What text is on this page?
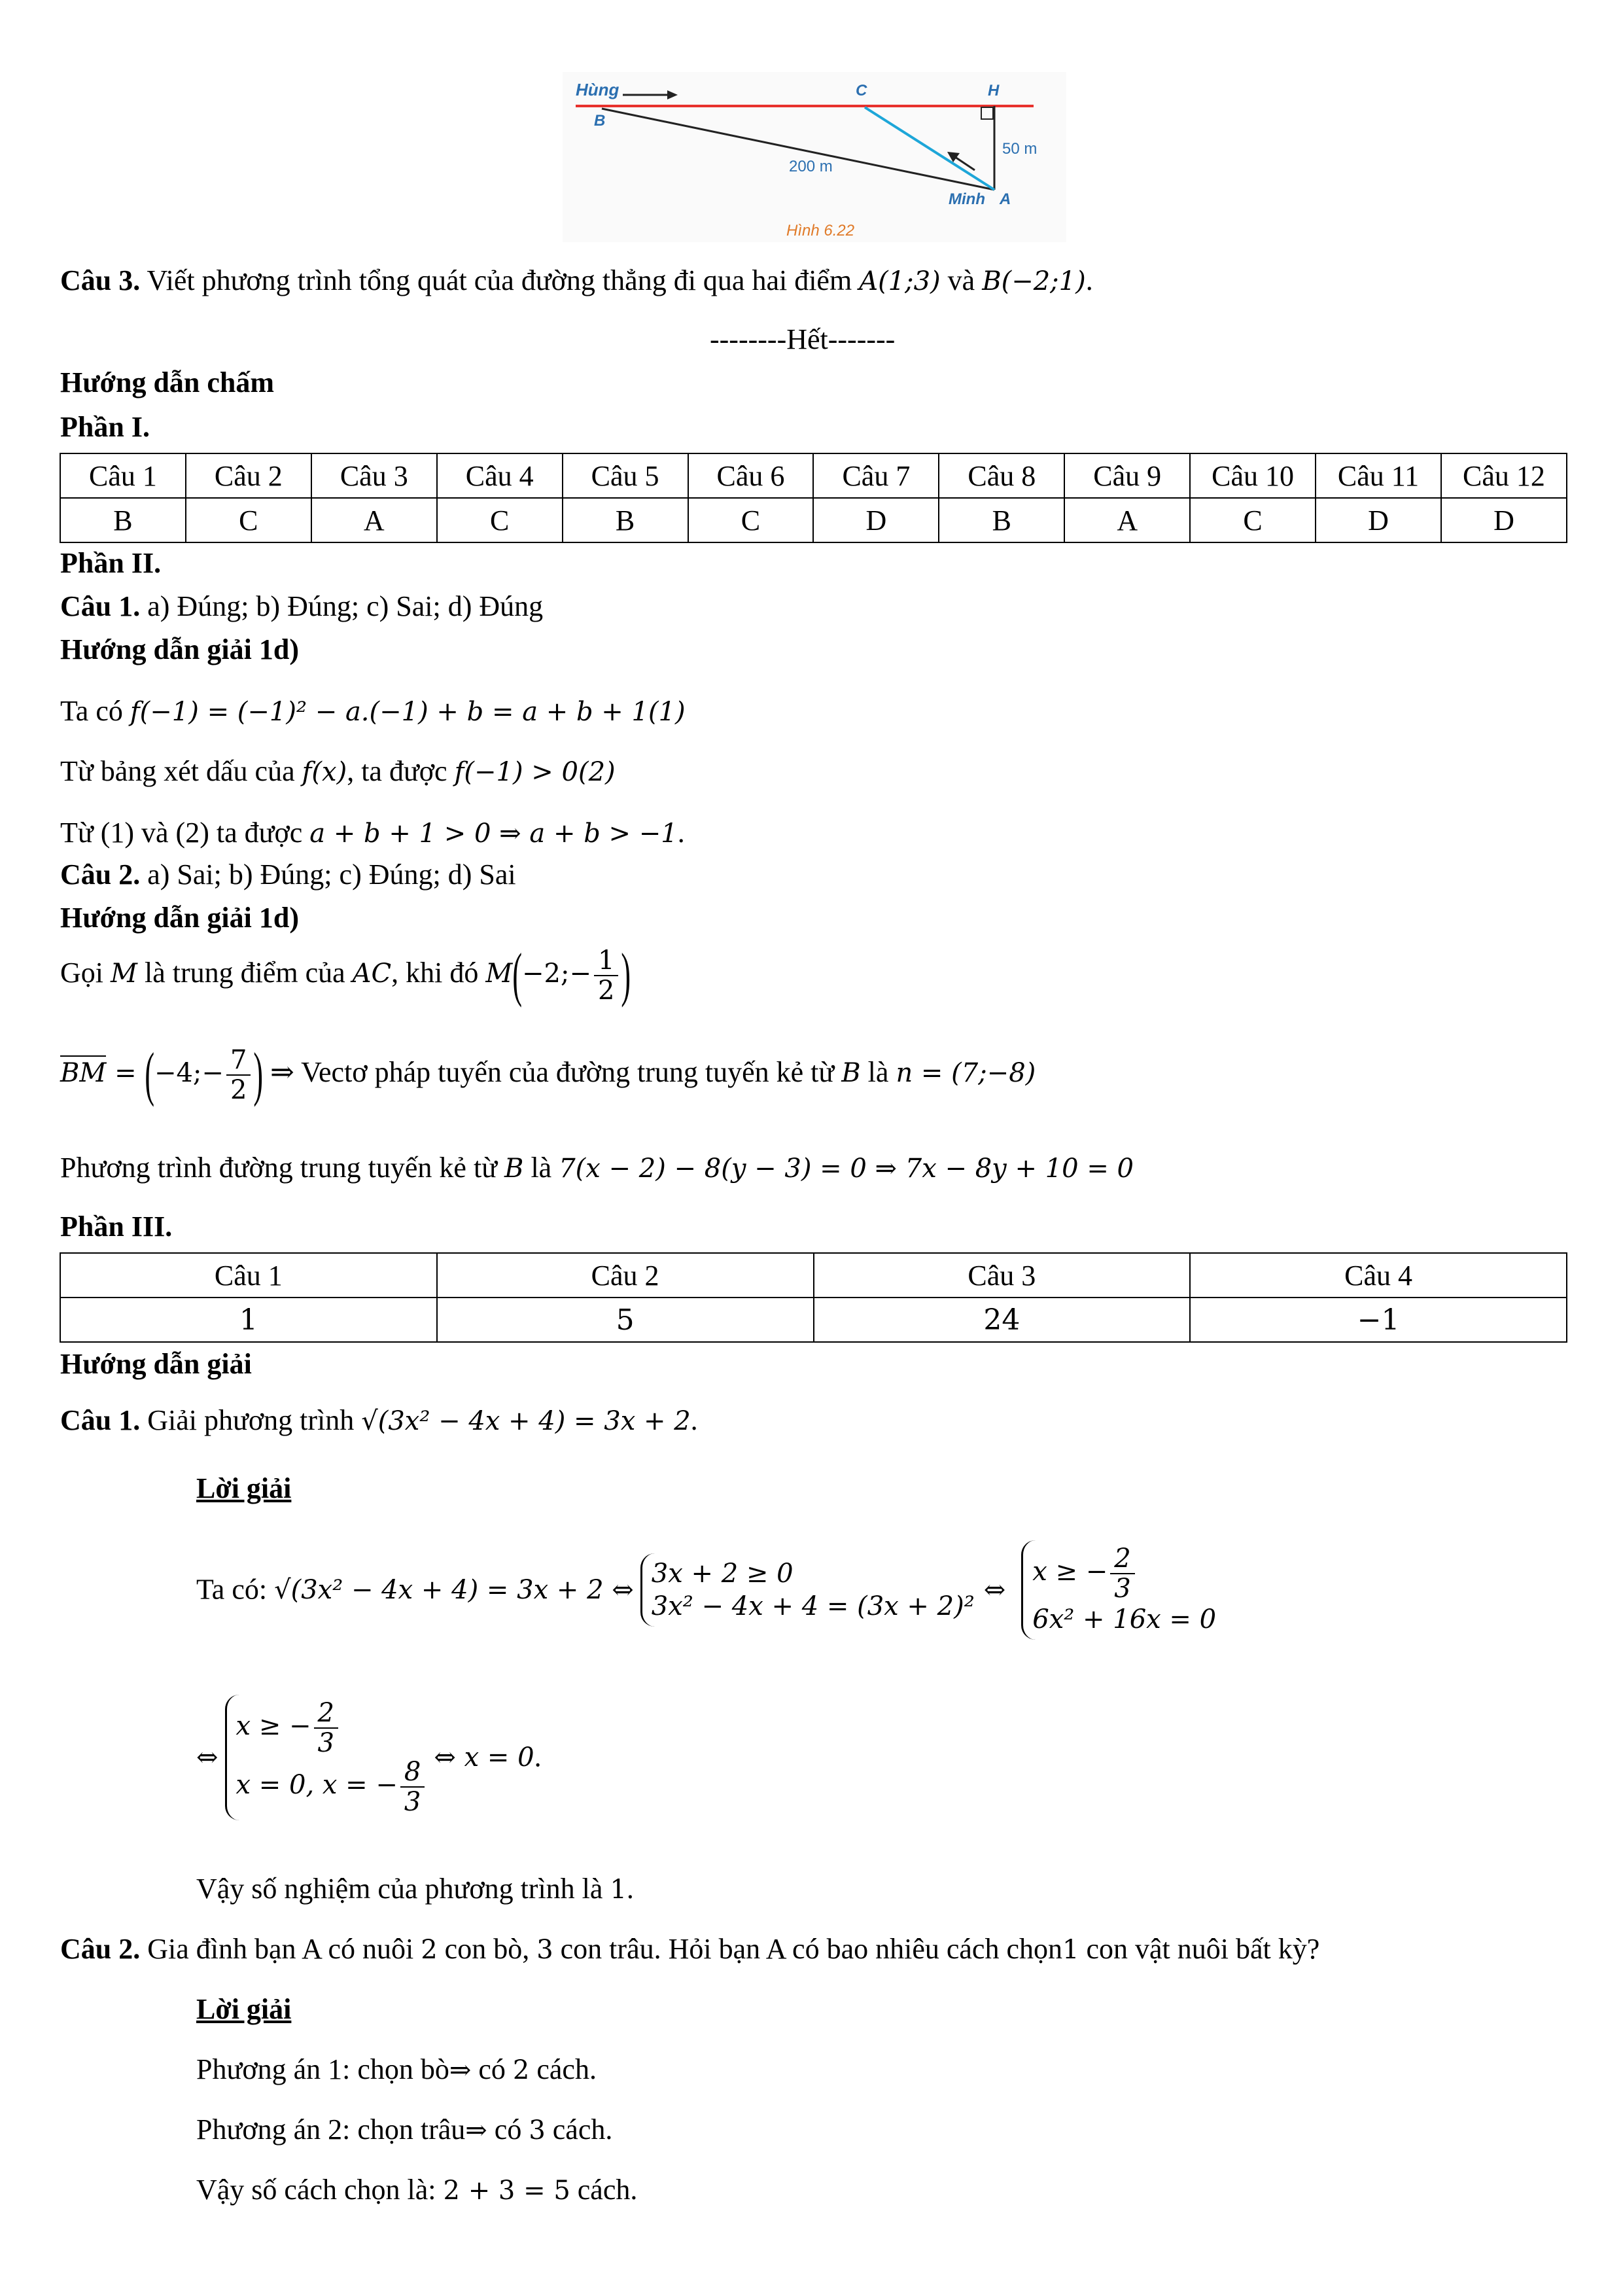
Hùng
B
C	H
50 m
200 m
Minh A
Hình 6.22
Câu 3. Viết phương trình tổng quát của đường thẳng đi qua hai điểm A(1;3) và B(−2;1).
--------Hết-------
Hướng dẫn chấm
Phần I.
Câu 1	Câu 2	Câu 3	Câu 4	Câu 5	Câu 6	Câu 7	Câu 8	Câu 9	Câu 10	Câu 11	Câu 12
B	C	A	C	B	C	D	B	A	C	D	D
Phần II.
Câu 1. a) Đúng; b) Đúng; c) Sai; d) Đúng
Hướng dẫn giải 1d)
Ta có f(−1) = (−1)² − a.(−1) + b = a + b + 1(1)
Từ bảng xét dấu của f(x), ta được f(−1) > 0(2)
Từ (1) và (2) ta được a + b + 1 > 0 ⇒ a + b > −1.
Câu 2. a) Sai; b) Đúng; c) Đúng; d) Sai
Hướng dẫn giải 1d)
Gọi M là trung điểm của AC, khi đó M(−2;− $\frac{1}{2}$ )
BM = (−4;− $\frac{7}{2}$ ) ⇒ Vectơ pháp tuyến của đường trung tuyến kẻ từ B là n = (7;−8)
Phương trình đường trung tuyến kẻ từ B là 7(x − 2) − 8(y − 3) = 0 ⇒ 7x − 8y + 10 = 0
Phần III.
Câu 1	Câu 2	Câu 3	Câu 4
1	5	24	−1
Hướng dẫn giải
Câu 1. Giải phương trình √(3x² − 4x + 4) = 3x + 2.
Lời giải
Ta có: √(3x² − 4x + 4) = 3x + 2 ⇔
3x + 2 ≥ 0
3x² − 4x + 4 = (3x + 2)²
⇔
x ≥ − $\frac{2}{3}$
6x² + 16x = 0
⇔
x ≥ − $\frac{2}{3}$
x = 0, x = − $\frac{8}{3}$ ⇔ x = 0.
Vậy số nghiệm của phương trình là 1.
Câu 2. Gia đình bạn A có nuôi 2 con bò, 3 con trâu. Hỏi bạn A có bao nhiêu cách chọn1 con vật nuôi bất kỳ?
Lời giải
Phương án 1: chọn bò⇒ có 2 cách.
Phương án 2: chọn trâu⇒ có 3 cách.
Vậy số cách chọn là: 2 + 3 = 5 cách.
